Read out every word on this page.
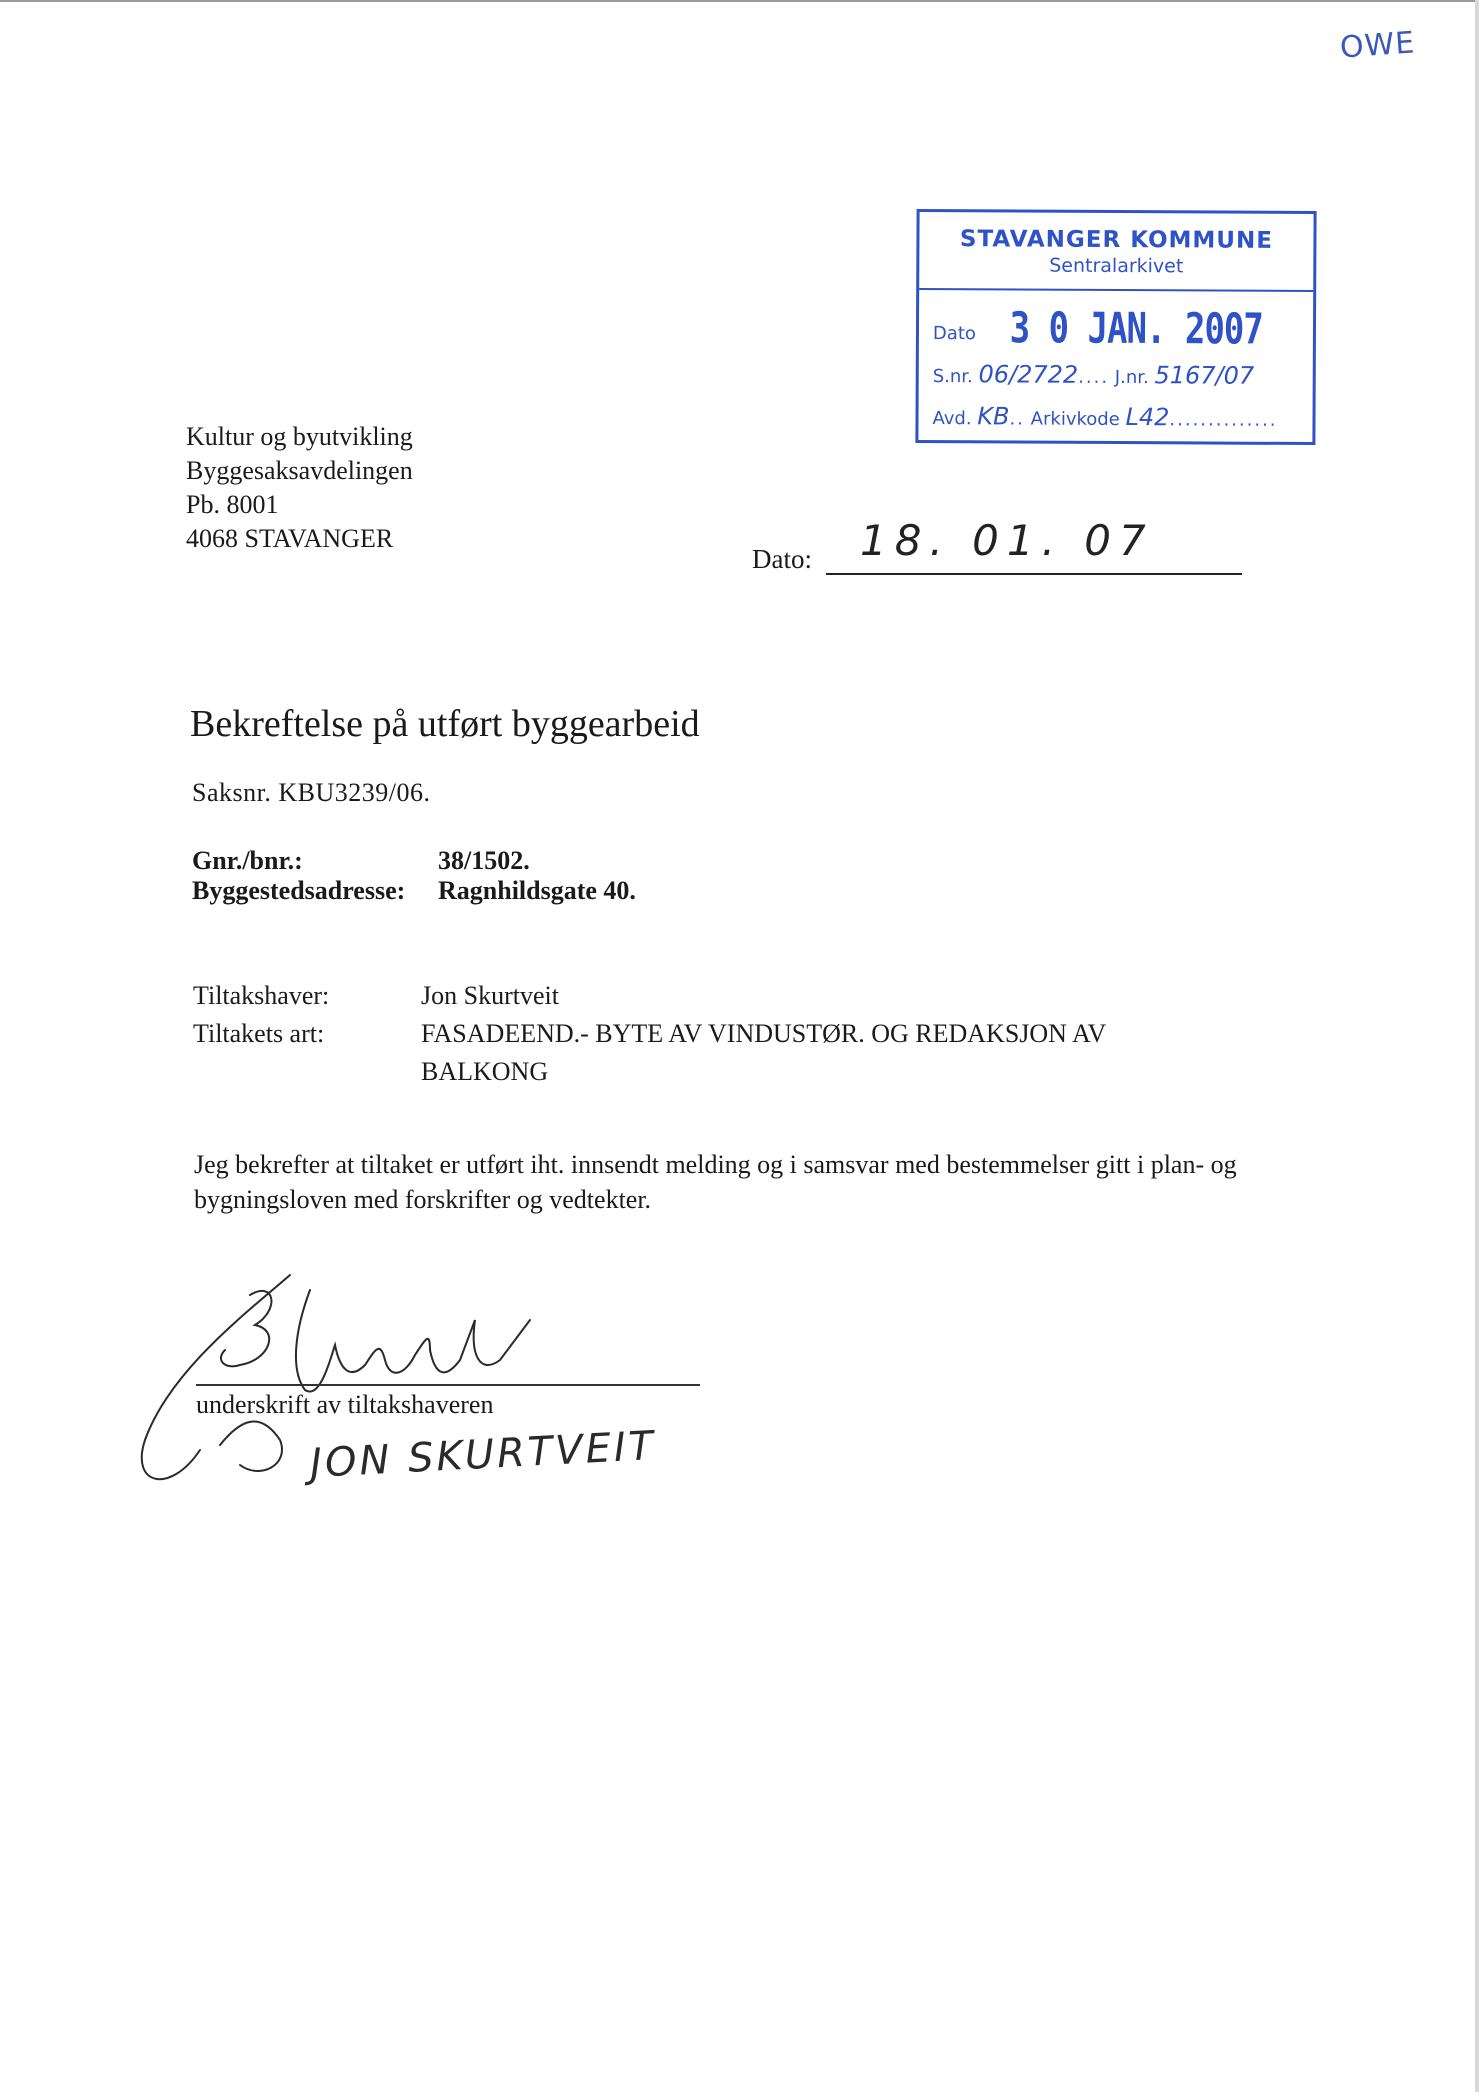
OWE
STAVANGER KOMMUNE
Sentralarkivet
Dato 3 0 JAN. 2007
S.nr. 06/2722.... J.nr. 5167/07
Avd. KB.. Arkivkode L42..............
Kultur og byutvikling
Byggesaksavdelingen
Pb. 8001
4068 STAVANGER
Dato: 18. 01. 07
Bekreftelse på utført byggearbeid
Saksnr. KBU3239/06.
Gnr./bnr.:	38/1502.
Byggestedsadresse: Ragnhildsgate 40.
Tiltakshaver:	Jon Skurtveit
Tiltakets art:	FASADEEND.- BYTE AV VINDUSTØR. OG REDAKSJON AV BALKONG
Jeg bekrefter at tiltaket er utført iht. innsendt melding og i samsvar med bestemmelser gitt i plan- og bygningsloven med forskrifter og vedtekter.
underskrift av tiltakshaveren
JON SKURTVEIT
